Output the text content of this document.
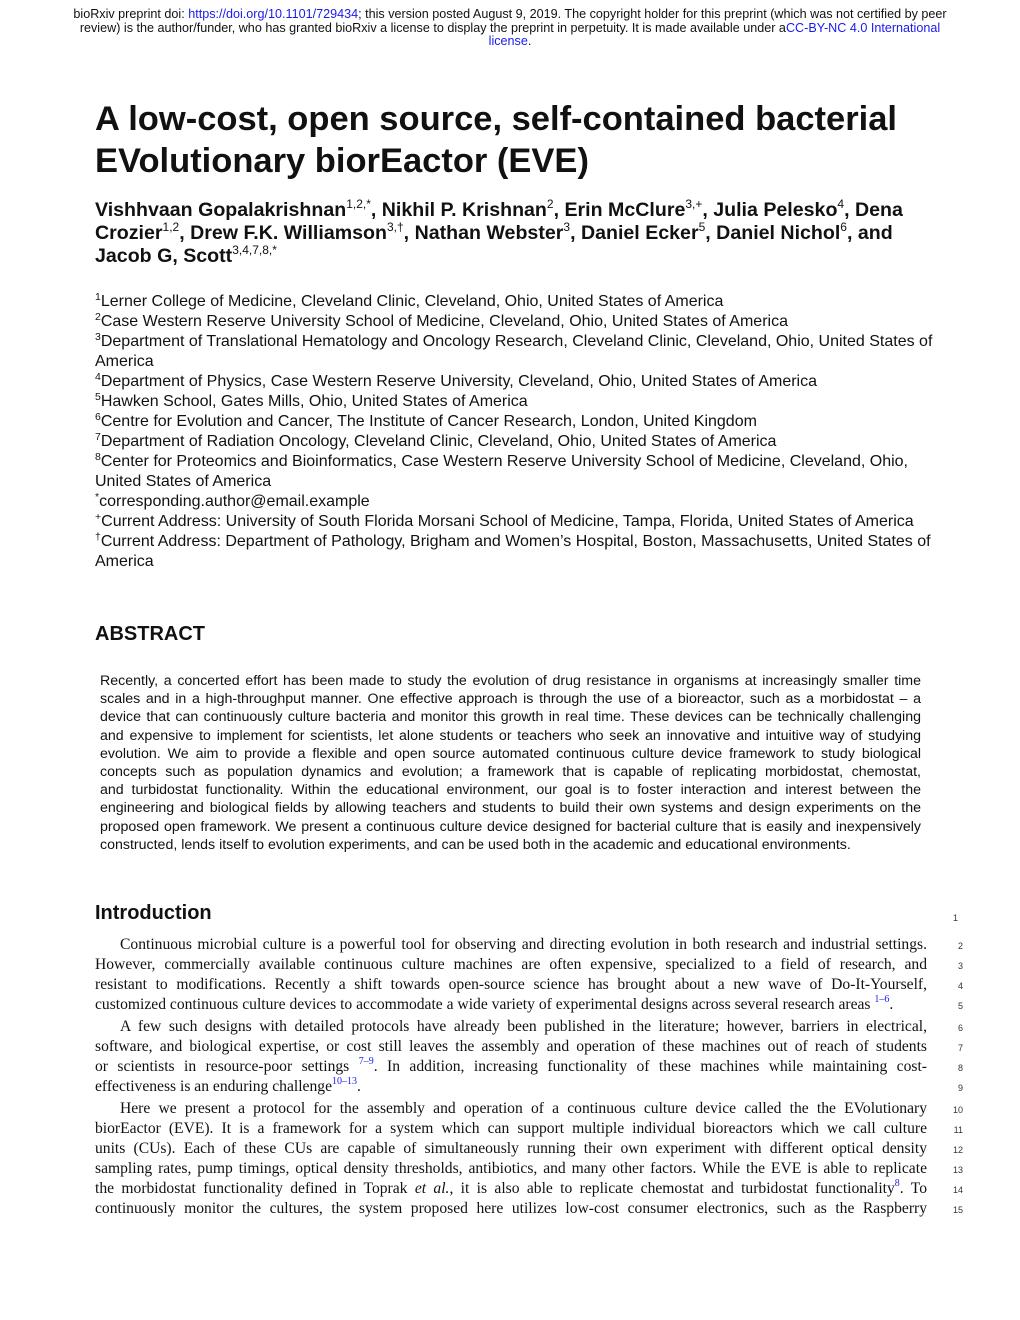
bioRxiv preprint doi: https://doi.org/10.1101/729434; this version posted August 9, 2019. The copyright holder for this preprint (which was not certified by peer review) is the author/funder, who has granted bioRxiv a license to display the preprint in perpetuity. It is made available under aCC-BY-NC 4.0 International license.
A low-cost, open source, self-contained bacterial EVolutionary biorEactor (EVE)
Vishhvaan Gopalakrishnan$^{1,2,*}$, Nikhil P. Krishnan$^2$, Erin McClure$^{3,+}$, Julia Pelesko$^4$, Dena Crozier$^{1,2}$, Drew F.K. Williamson$^{3,\dagger}$, Nathan Webster$^3$, Daniel Ecker$^5$, Daniel Nichol$^6$, and Jacob G, Scott$^{3,4,7,8,*}$
$^1$Lerner College of Medicine, Cleveland Clinic, Cleveland, Ohio, United States of America
$^2$Case Western Reserve University School of Medicine, Cleveland, Ohio, United States of America
$^3$Department of Translational Hematology and Oncology Research, Cleveland Clinic, Cleveland, Ohio, United States of America
$^4$Department of Physics, Case Western Reserve University, Cleveland, Ohio, United States of America
$^5$Hawken School, Gates Mills, Ohio, United States of America
$^6$Centre for Evolution and Cancer, The Institute of Cancer Research, London, United Kingdom
$^7$Department of Radiation Oncology, Cleveland Clinic, Cleveland, Ohio, United States of America
$^8$Center for Proteomics and Bioinformatics, Case Western Reserve University School of Medicine, Cleveland, Ohio, United States of America
*corresponding.author@email.example
+Current Address: University of South Florida Morsani School of Medicine, Tampa, Florida, United States of America
†Current Address: Department of Pathology, Brigham and Women’s Hospital, Boston, Massachusetts, United States of America
ABSTRACT
Recently, a concerted effort has been made to study the evolution of drug resistance in organisms at increasingly smaller time
scales and in a high-throughput manner. One effective approach is through the use of a bioreactor, such as a morbidostat – a
device that can continuously culture bacteria and monitor this growth in real time. These devices can be technically challenging
and expensive to implement for scientists, let alone students or teachers who seek an innovative and intuitive way of studying
evolution. We aim to provide a flexible and open source automated continuous culture device framework to study biological
concepts such as population dynamics and evolution; a framework that is capable of replicating morbidostat, chemostat,
and turbidostat functionality. Within the educational environment, our goal is to foster interaction and interest between the
engineering and biological fields by allowing teachers and students to build their own systems and design experiments on the
proposed open framework. We present a continuous culture device designed for bacterial culture that is easily and inexpensively
constructed, lends itself to evolution experiments, and can be used both in the academic and educational environments.
Introduction	1
Continuous microbial culture is a powerful tool for observing and directing evolution in both research and industrial settings.	2
However, commercially available continuous culture machines are often expensive, specialized to a field of research, and	3
resistant to modifications. Recently a shift towards open-source science has brought about a new wave of Do-It-Yourself,	4
customized continuous culture devices to accommodate a wide variety of experimental designs across several research areas $^{1-6}$.	5
A few such designs with detailed protocols have already been published in the literature; however, barriers in electrical,	6
software, and biological expertise, or cost still leaves the assembly and operation of these machines out of reach of students	7
or scientists in resource-poor settings $^{7-9}$. In addition, increasing functionality of these machines while maintaining cost-	8
effectiveness is an enduring challenge$^{10-13}$.	9
Here we present a protocol for the assembly and operation of a continuous culture device called the the EVolutionary	10
biorEactor (EVE). It is a framework for a system which can support multiple individual bioreactors which we call culture	11
units (CUs). Each of these CUs are capable of simultaneously running their own experiment with different optical density	12
sampling rates, pump timings, optical density thresholds, antibiotics, and many other factors. While the EVE is able to replicate	13
the morbidostat functionality defined in Toprak et al., it is also able to replicate chemostat and turbidostat functionality$^8$. To	14
continuously monitor the cultures, the system proposed here utilizes low-cost consumer electronics, such as the Raspberry	15
